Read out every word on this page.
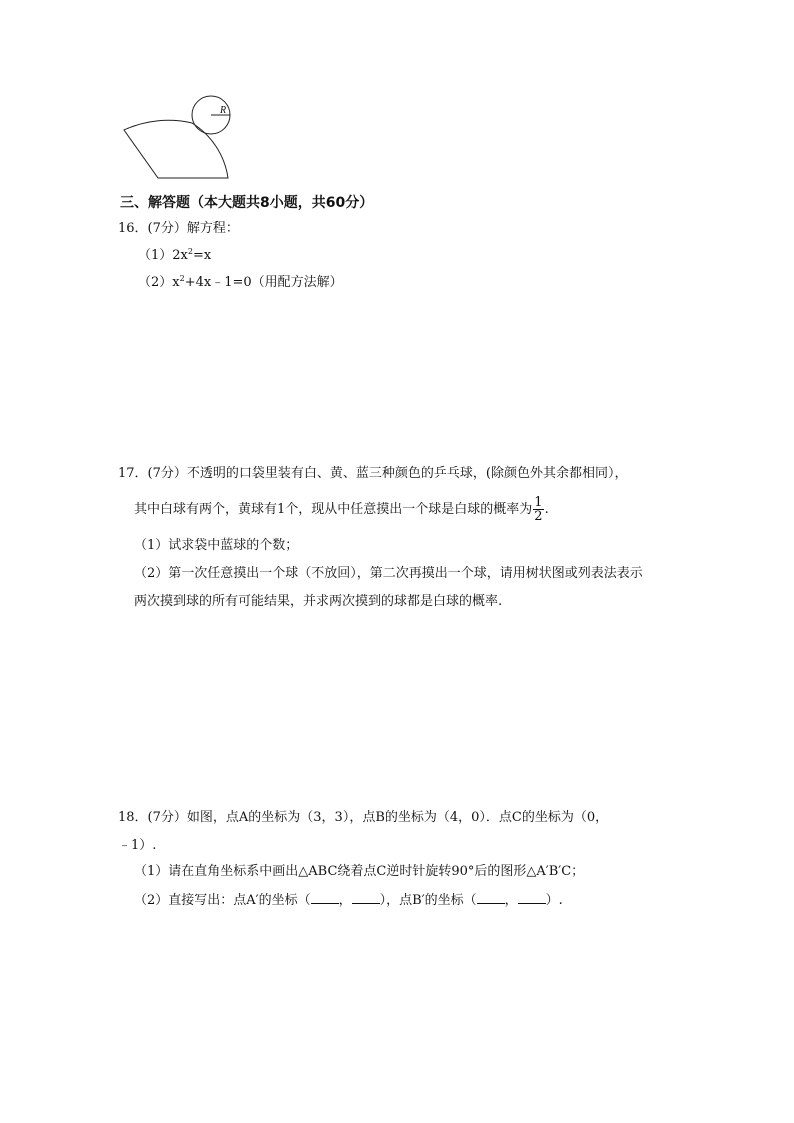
R
三、解答题（本大题共8小题，共60分）
16．(7分）解方程：
$(1)2x^2=x$
$(2)x^2+4x﹣1=0$（用配方法解）
17．(7分）不透明的口袋里装有白、黄、蓝三种颜色的乒乓球，(除颜色外其余都相同），
其中白球有两个，黄球有1个，现从中任意摸出一个球是白球的概率为 $\frac{1}{2}$ .
（1）试求袋中蓝球的个数；
（2）第一次任意摸出一个球（不放回），第二次再摸出一个球，请用树状图或列表法表示
两次摸到球的所有可能结果，并求两次摸到的球都是白球的概率.
18．(7分）如图，点A的坐标为（3，3），点B的坐标为（4，0）．点C的坐标为（0，
﹣1）.
（1）请在直角坐标系中画出△ABC绕着点C逆时针旋转90°后的图形△A′B′C；
（2）直接写出：点A′的坐标（ ， ），点B′的坐标（ ， ）.
